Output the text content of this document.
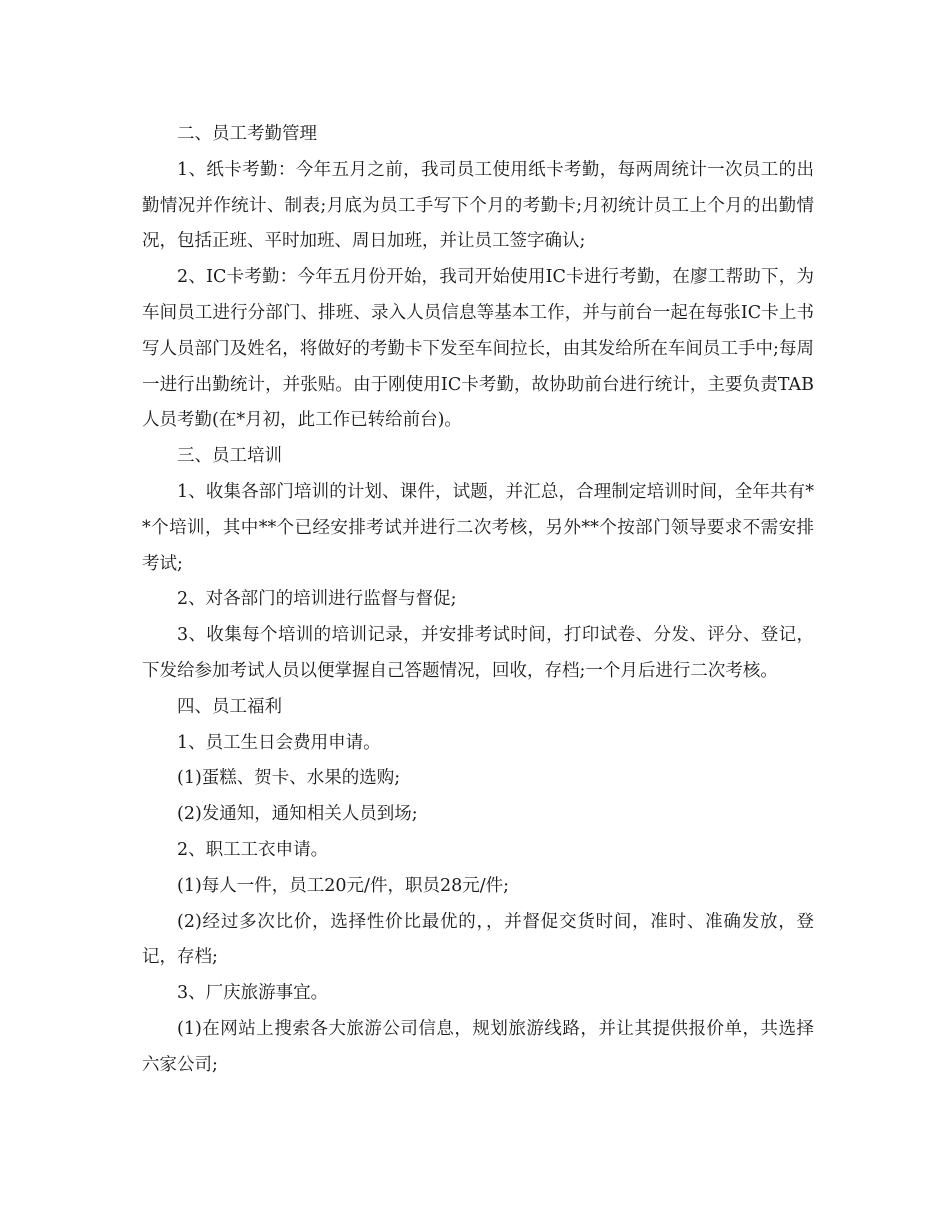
二、员工考勤管理

1、纸卡考勤：今年五月之前，我司员工使用纸卡考勤，每两周统计一次员工的出勤情况并作统计、制表;月底为员工手写下个月的考勤卡;月初统计员工上个月的出勤情况，包括正班、平时加班、周日加班，并让员工签字确认;

2、IC卡考勤：今年五月份开始，我司开始使用IC卡进行考勤，在廖工帮助下，为车间员工进行分部门、排班、录入人员信息等基本工作，并与前台一起在每张IC卡上书写人员部门及姓名，将做好的考勤卡下发至车间拉长，由其发给所在车间员工手中;每周一进行出勤统计，并张贴。由于刚使用IC卡考勤，故协助前台进行统计，主要负责TAB人员考勤(在*月初，此工作已转给前台)。

三、员工培训

1、收集各部门培训的计划、课件，试题，并汇总，合理制定培训时间，全年共有**个培训，其中**个已经安排考试并进行二次考核，另外**个按部门领导要求不需安排考试;

2、对各部门的培训进行监督与督促;

3、收集每个培训的培训记录，并安排考试时间，打印试卷、分发、评分、登记，下发给参加考试人员以便掌握自己答题情况，回收，存档;一个月后进行二次考核。

四、员工福利

1、员工生日会费用申请。

(1)蛋糕、贺卡、水果的选购;

(2)发通知，通知相关人员到场;

2、职工工衣申请。

(1)每人一件，员工20元/件，职员28元/件;

(2)经过多次比价，选择性价比最优的，，并督促交货时间，准时、准确发放，登记，存档;

3、厂庆旅游事宜。

(1)在网站上搜索各大旅游公司信息，规划旅游线路，并让其提供报价单，共选择六家公司;
